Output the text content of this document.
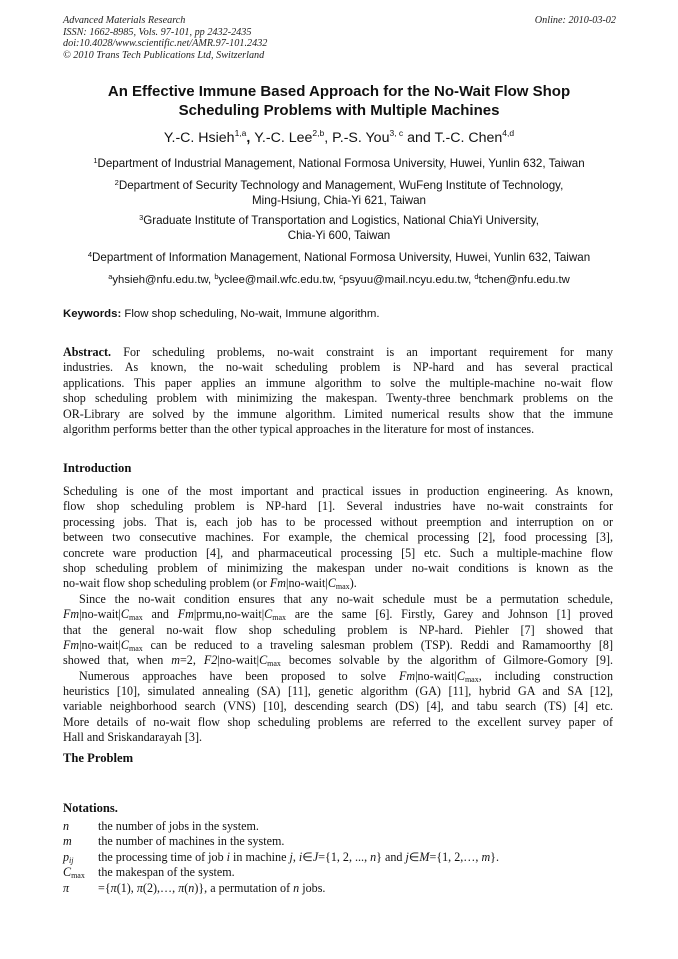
Advanced Materials Research
ISSN: 1662-8985, Vols. 97-101, pp 2432-2435
doi:10.4028/www.scientific.net/AMR.97-101.2432
© 2010 Trans Tech Publications Ltd, Switzerland
Online: 2010-03-02
An Effective Immune Based Approach for the No-Wait Flow Shop
Scheduling Problems with Multiple Machines
Y.-C. Hsieh$^{1,a}$, Y.-C. Lee$^{2,b}$, P.-S. You$^{3, c}$ and T.-C. Chen$^{4,d}$
$^1$Department of Industrial Management, National Formosa University, Huwei, Yunlin 632, Taiwan
$^2$Department of Security Technology and Management, WuFeng Institute of Technology,
Ming-Hsiung, Chia-Yi 621, Taiwan
$^3$Graduate Institute of Transportation and Logistics, National ChiaYi University,
Chia-Yi 600, Taiwan
$^4$Department of Information Management, National Formosa University, Huwei, Yunlin 632, Taiwan
$^a$yhsieh@nfu.edu.tw, $^b$yclee@mail.wfc.edu.tw, $^c$psyuu@mail.ncyu.edu.tw, $^d$tchen@nfu.edu.tw
Keywords: Flow shop scheduling, No-wait, Immune algorithm.
Abstract. For scheduling problems, no-wait constraint is an important requirement for many
industries. As known, the no-wait scheduling problem is NP-hard and has several practical
applications. This paper applies an immune algorithm to solve the multiple-machine no-wait flow
shop scheduling problem with minimizing the makespan. Twenty-three benchmark problems on the
OR-Library are solved by the immune algorithm. Limited numerical results show that the immune
algorithm performs better than the other typical approaches in the literature for most of instances.
Introduction
Scheduling is one of the most important and practical issues in production engineering. As known,
flow shop scheduling problem is NP-hard [1]. Several industries have no-wait constraints for
processing jobs. That is, each job has to be processed without preemption and interruption on or
between two consecutive machines. For example, the chemical processing [2], food processing [3],
concrete ware production [4], and pharmaceutical processing [5] etc. Such a multiple-machine flow
shop scheduling problem of minimizing the makespan under no-wait conditions is known as the
no-wait flow shop scheduling problem (or $Fm|no-wait|C_{max}$).
Since the no-wait condition ensures that any no-wait schedule must be a permutation schedule,
$Fm|no-wait|C_{max}$ and $Fm|prmu,no-wait|C_{max}$ are the same [6]. Firstly, Garey and Johnson [1] proved
that the general no-wait flow shop scheduling problem is NP-hard. Piehler [7] showed that
$Fm|no-wait|C_{max}$ can be reduced to a traveling salesman problem (TSP). Reddi and Ramamoorthy [8]
showed that, when m=2, $F2|no-wait|C_{max}$ becomes solvable by the algorithm of Gilmore-Gomory [9].
Numerous approaches have been proposed to solve $Fm|no-wait|C_{max}$, including construction
heuristics [10], simulated annealing (SA) [11], genetic algorithm (GA) [11], hybrid GA and SA [12],
variable neighborhood search (VNS) [10], descending search (DS) [4], and tabu search (TS) [4] etc.
More details of no-wait flow shop scheduling problems are referred to the excellent survey paper of
Hall and Sriskandarayah [3].
The Problem
Notations.
n the number of jobs in the system.
m the number of machines in the system.
$p_{ij}$ the processing time of job i in machine j, i∈J={1, 2, ..., n} and j∈M={1, 2,…, m}.
$C_{max}$ the makespan of the system.
π ={π(1), π(2),…, π(n)}, a permutation of n jobs.
